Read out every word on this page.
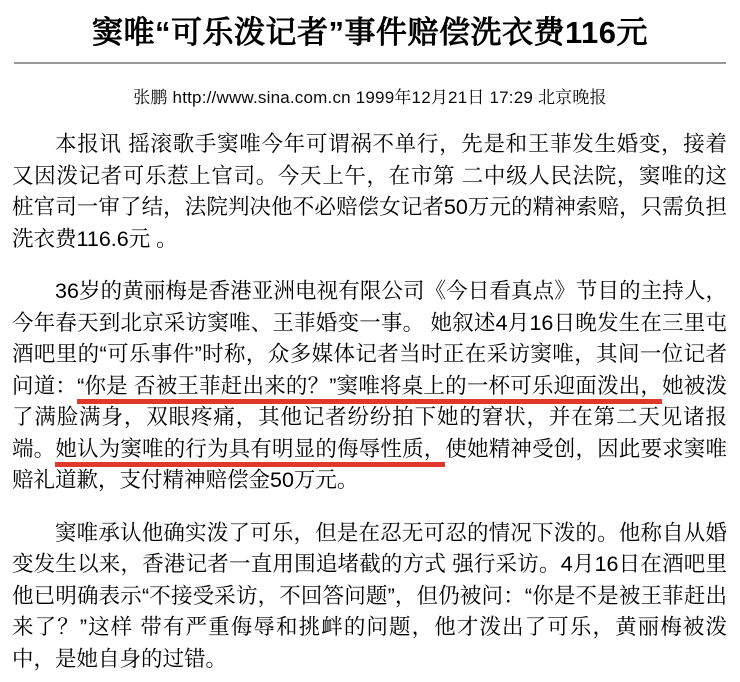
窦唯“可乐泼记者”事件赔偿洗衣费116元
张鹏 http://www.sina.com.cn 1999年12月21日 17:29 北京晚报

本报讯 摇滚歌手窦唯今年可谓祸不单行，先是和王菲发生婚变，接着又因泼记者可乐惹上官司。今天上午，在市第 二中级人民法院，窦唯的这桩官司一审了结，法院判决他不必赔偿女记者50万元的精神索赔，只需负担洗衣费116.6元 。

36岁的黄丽梅是香港亚洲电视有限公司《今日看真点》节目的主持人，今年春天到北京采访窦唯、王菲婚变一事。 她叙述4月16日晚发生在三里屯酒吧里的“可乐事件”时称，众多媒体记者当时正在采访窦唯，其间一位记者问道：“你是 否被王菲赶出来的？”窦唯将桌上的一杯可乐迎面泼出，她被泼了满脸满身，双眼疼痛，其他记者纷纷拍下她的窘状，并在第二天见诸报端。她认为窦唯的行为具有明显的侮辱性质，使她精神受创，因此要求窦唯赔礼道歉，支付精神赔偿金50万元。

窦唯承认他确实泼了可乐，但是在忍无可忍的情况下泼的。他称自从婚变发生以来，香港记者一直用围追堵截的方式 强行采访。4月16日在酒吧里他已明确表示“不接受采访，不回答问题”，但仍被问：“你是不是被王菲赶出来了？”这样 带有严重侮辱和挑衅的问题，他才泼出了可乐，黄丽梅被泼中，是她自身的过错。
